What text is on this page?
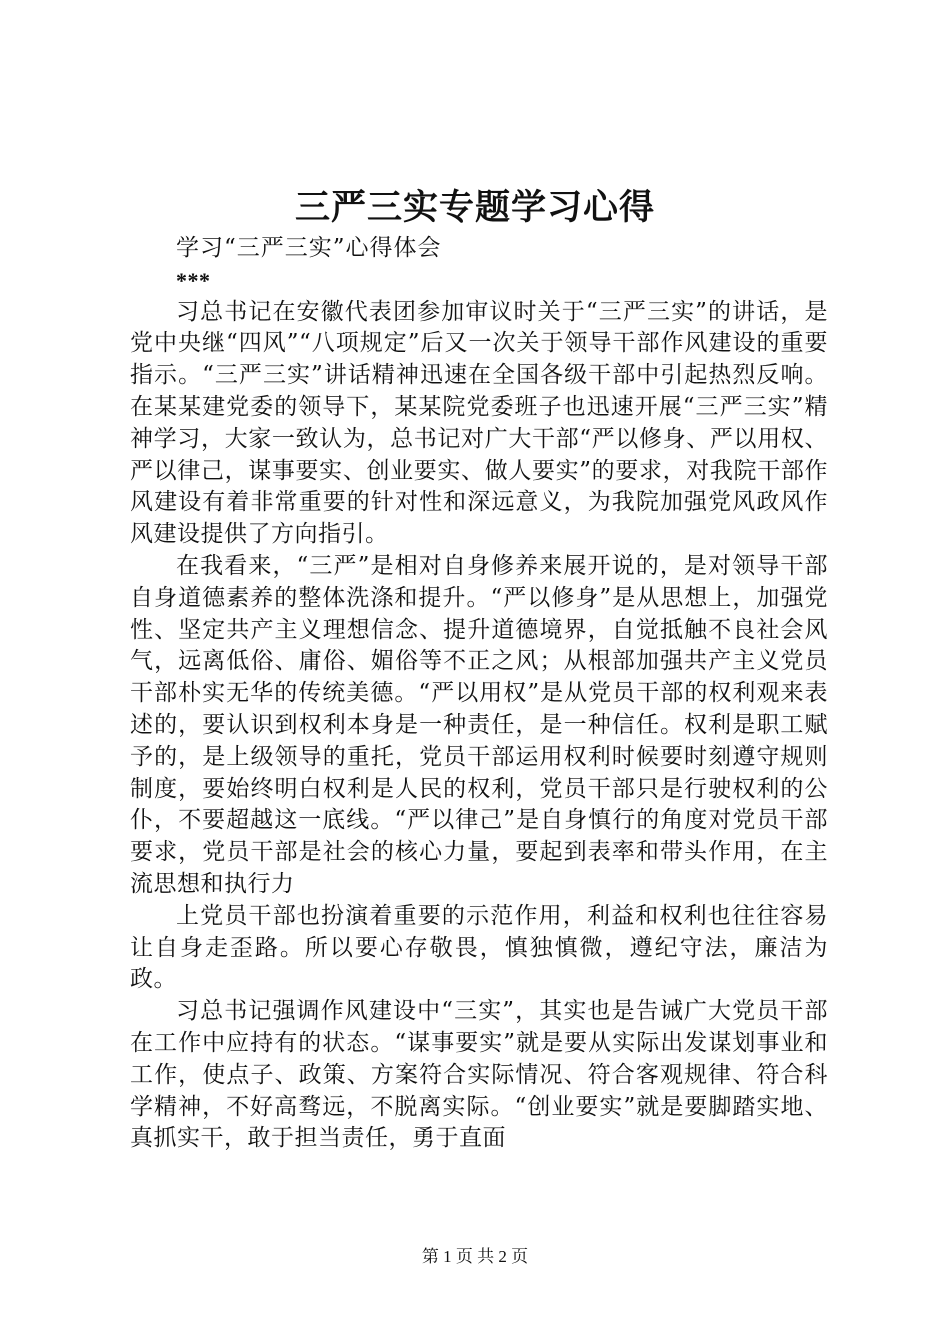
三严三实专题学习心得

学习“三严三实”心得体会

***

习总书记在安徽代表团参加审议时关于“三严三实”的讲话，是党中央继“四风”“八项规定”后又一次关于领导干部作风建设的重要指示。“三严三实”讲话精神迅速在全国各级干部中引起热烈反响。在某某建党委的领导下，某某院党委班子也迅速开展“三严三实”精神学习，大家一致认为，总书记对广大干部“严以修身、严以用权、严以律己，谋事要实、创业要实、做人要实”的要求，对我院干部作风建设有着非常重要的针对性和深远意义，为我院加强党风政风作风建设提供了方向指引。

在我看来，“三严”是相对自身修养来展开说的，是对领导干部自身道德素养的整体洗涤和提升。“严以修身”是从思想上，加强党性、坚定共产主义理想信念、提升道德境界，自觉抵触不良社会风气，远离低俗、庸俗、媚俗等不正之风；从根部加强共产主义党员干部朴实无华的传统美德。“严以用权”是从党员干部的权利观来表述的，要认识到权利本身是一种责任，是一种信任。权利是职工赋予的，是上级领导的重托，党员干部运用权利时候要时刻遵守规则制度，要始终明白权利是人民的权利，党员干部只是行驶权利的公仆，不要超越这一底线。“严以律己”是自身慎行的角度对党员干部要求，党员干部是社会的核心力量，要起到表率和带头作用，在主流思想和执行力

上党员干部也扮演着重要的示范作用，利益和权利也往往容易让自身走歪路。所以要心存敬畏，慎独慎微，遵纪守法，廉洁为政。

习总书记强调作风建设中“三实”，其实也是告诫广大党员干部在工作中应持有的状态。“谋事要实”就是要从实际出发谋划事业和工作，使点子、政策、方案符合实际情况、符合客观规律、符合科学精神，不好高骛远，不脱离实际。“创业要实”就是要脚踏实地、真抓实干，敢于担当责任，勇于直面

第 1 页 共 2 页
